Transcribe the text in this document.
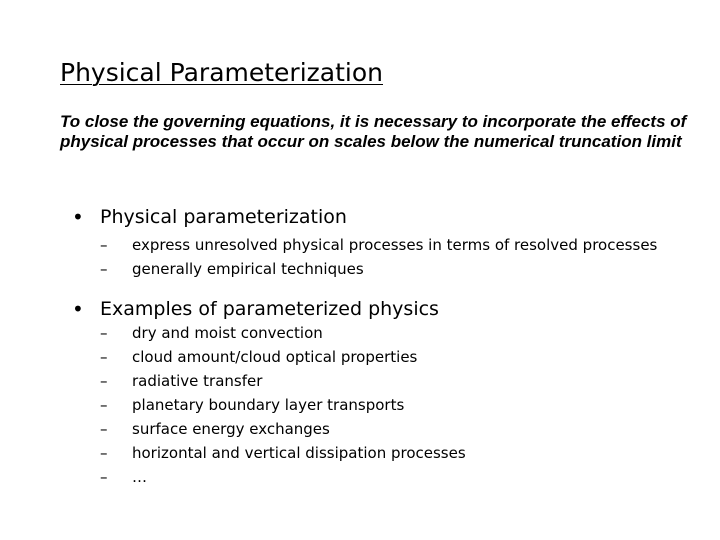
Physical Parameterization
To close the governing equations, it is necessary to incorporate the effects of physical processes that occur on scales below the numerical truncation limit
• Physical parameterization
– express unresolved physical processes in terms of resolved processes
– generally empirical techniques
• Examples of parameterized physics
– dry and moist convection
– cloud amount/cloud optical properties
– radiative transfer
– planetary boundary layer transports
– surface energy exchanges
– horizontal and vertical dissipation processes
– …
